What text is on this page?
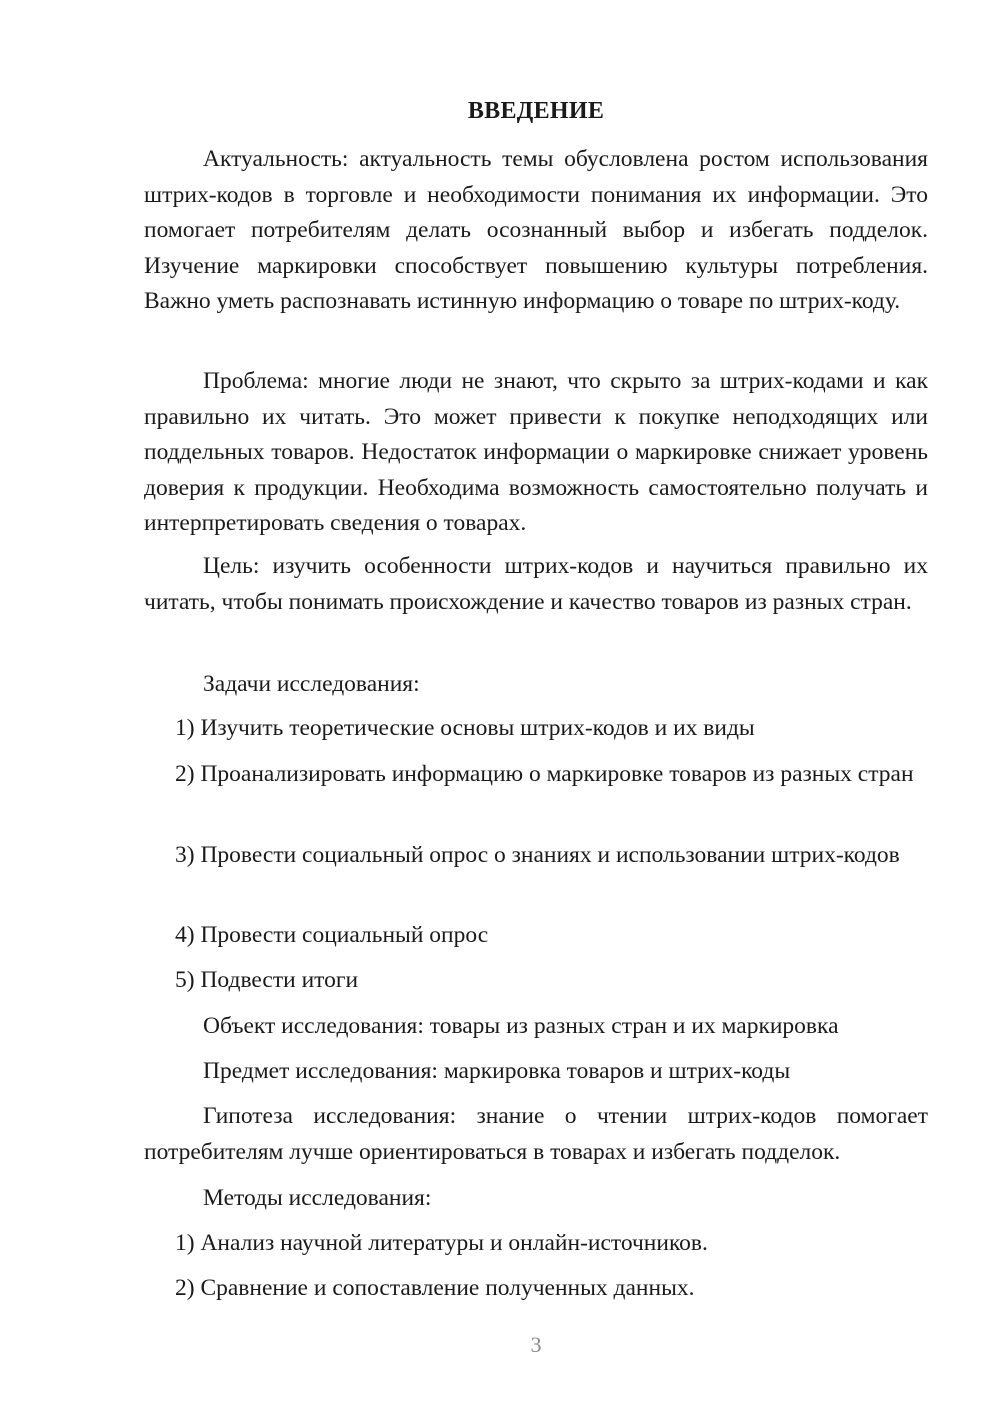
ВВЕДЕНИЕ

Актуальность: актуальность темы обусловлена ростом использования штрих-кодов в торговле и необходимости понимания их информации. Это помогает потребителям делать осознанный выбор и избегать подделок. Изучение маркировки способствует повышению культуры потребления. Важно уметь распознавать истинную информацию о товаре по штрих-коду.

Проблема: многие люди не знают, что скрыто за штрих-кодами и как правильно их читать. Это может привести к покупке неподходящих или поддельных товаров. Недостаток информации о маркировке снижает уровень доверия к продукции. Необходима возможность самостоятельно получать и интерпретировать сведения о товарах.

Цель: изучить особенности штрих-кодов и научиться правильно их читать, чтобы понимать происхождение и качество товаров из разных стран.

Задачи исследования:

1) Изучить теоретические основы штрих-кодов и их виды

2) Проанализировать информацию о маркировке товаров из разных стран

3) Провести социальный опрос о знаниях и использовании штрих-кодов

4) Провести социальный опрос

5) Подвести итоги

Объект исследования: товары из разных стран и их маркировка

Предмет исследования: маркировка товаров и штрих-коды

Гипотеза исследования: знание о чтении штрих-кодов помогает потребителям лучше ориентироваться в товарах и избегать подделок.

Методы исследования:

1) Анализ научной литературы и онлайн-источников.

2) Сравнение и сопоставление полученных данных.

3
